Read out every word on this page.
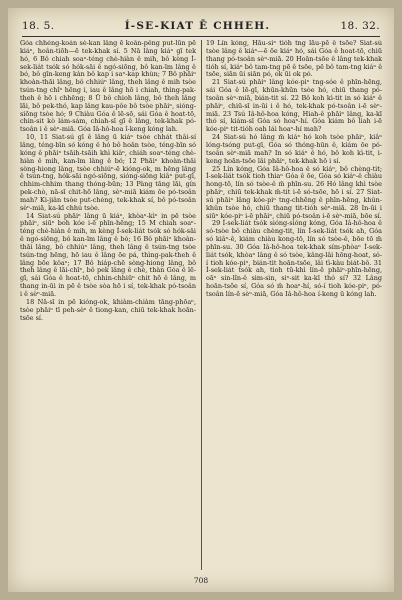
18. 5.	Í-SE-KIAT Ē CHHEH.	18. 32.

Góa chhéng-koán sè-kan lâng ē koân-pêng put-lūn pē kiáⁿ, hoân-tiōh—ē tek-khak sí. 5 Nā lâng kiáⁿ gī tek hó, 6 Bô chiah soaⁿ-téng chè-hiàn ê mih, bô kèng Í-sek-liát tsók só hók-sāi ê ngó-siōng, bô kan-īm lâng ê bó, bô gīn-keng kàn bô kap i saⁿ-kap khùn; 7 Bô phāiⁿ khoàn-thāi lâng, bô chhiúⁿ lâng, theh lâng ê mih tsòe tsún-tng chîⁿ hēng i, iau ê lâng hō i chiah, thìng-pak-theh ê hō i chhēng; 8 Ū bô chioh lâng, bô theh lâng lāi, bô pek-thó, kap lâng kau-pôe bô tsòe phāiⁿ, sióng-siōng tsòe hó; 9 Chiàu Góa ê lē-sō, sái Góa ê hoat-tō, chin-sit kò lám-sám, chiah-sī gī ê lâng, tek-khak pó-tsoân i ê sèⁿ-miā. Góa Iâ-hô-hoa î-keng kóng lah.

10, 11 Siat-sú gī ê lâng ū kiáⁿ tsòe chhát thâi-sí lâng, téng-bīn só kóng ê hó bô hoān tsòe, téng-bīn só kóng ê phāiⁿ tsāih-tsāih khì kiâⁿ, chiáh soaⁿ-téng chè-hiàn ê mih, kan-īm lâng ê bó; 12 Phāiⁿ khoàn-thāi sòng-hiong lâng, tsòe chhiúⁿ-ē kióng-ok, m hēng lâng ê tsún-tng, hók-sāi ngó-siōng, sióng-siōng kiâⁿ put-gī, chhim-chhim thang thóng-būn; 13 Pàng tāng lāi, gín pek-chò, nā-sī chit-hō lâng, sèⁿ-miā kiám ōe pó-tsoân mah? Ki-jiân tsòe put-chèng, tek-khak sí, bô pó-tsoân sèⁿ-miā, ka-kī chhú tsòe.

14 Siat-sú phāiⁿ lâng ū kiáⁿ, khòaⁿ-kìⁿ in pē tsòe phāiⁿ, siūⁿ boh kóe i-ē phīn-hēng; 15 M chiah soaⁿ-téng chè-hiàn ê mih, m kèng Í-sek-liát tsók só hók-sāi ê ngó-siōng, bô kan-īm lâng ê bó; 16 Bô phāiⁿ khoàn-thāi lâng, bô chhiúⁿ lâng, theh lâng ê tsún-tng tsòe tsún-tng hēng, hō iau ê lâng ōe pá, thìng-pak-theh ê lâng bōe kôaⁿ; 17 Bô hiáp-chē sòng-hiong lâng, bô theh lâng ê lāi-chīⁿ, bô pek lâng ê chè, thàn Góa ê lē-gī, sái Góa ê hoat-tō, chhin-chhiūⁿ chit hō ê lâng, m thang in-ūi in pē ê tsòe sòa hō i sí, tek-khak pó-tsoân i ê sèⁿ-miā.

18 Nā-sī in pē kióng-ok, khiàm-chiàm tāng-phōaⁿ, tsòe phāiⁿ tī peh-sèⁿ ê tiong-kan, chiū tek-khak hoān-tsōe sí.

19 Lín kóng, Hāu-siⁿ tióh tng lāu-pē ê tsōe? Siat-sú tsòe lâng ê kiáⁿ—ē ōe kiáⁿ hó, sái Góa ê hoat-tō, chiū thang pó-tsoân sèⁿ-miā. 20 Hoān-tsōe ê lâng tek-khak tióh sí, kiáⁿ bô tam-tng pē ê tsōe, pē bô tam-tng kiáⁿ ê tsōe, siān ūi siān pó, ok ūi ok pó.

21 Siat-sú phāiⁿ lâng kóe-piⁿ tng-sóe ê phīn-hēng, sái Góa ê lē-gī, khūn-khūn tsòe hó, chiū thang pó-tsoân sèⁿ-miā, bián-tit sí. 22 Bô koh kì-tit in só kiáⁿ ê phāiⁿ, chiū-sī in-ūi i ê hó, tek-khak pó-tsoân i-ē sèⁿ-miā. 23 Tsú Iâ-hô-hoa kóng, Hiah-ê phāiⁿ lâng, ka-kī thó sí, kiám-sī Góa só hoaⁿ-hí. Góa kiám bô liah i-ē kóe-piⁿ tit-tióh oah lái hoaⁿ-hí mah?

24 Siat-sú hó lâng m̄ kiáⁿ hó koh tsòe phāiⁿ, kiâⁿ lóng-tsóng put-gī, Góa só thóng-hūn ê, kiám ōe pó-tsoân sèⁿ-miā mah? In só kiáⁿ ê hó, bô koh kì-tit, i-keng hoān-tsōe lâi phāiⁿ, tek-khak hō i sí.

25 Lín kóng, Góa Iâ-hô-hoa ê só kiáⁿ, bô chèng-tit; Í-sek-liát tsók tioh thiaⁿ Góa ê ōe, Góa só kiáⁿ-ê chiàu hong-tō, lín só tsòe-ê m̄ phīn-su. 26 Hó lâng khì tsòe phāiⁿ, chiū tek-khak m̄-tit i-ē só-tsōe, hō i sí. 27 Siat-sú phāiⁿ lâng kóe-piⁿ tng-chhēng ê phīn-hēng, khûn-khûn tsòe hó, chiū thang tit-tióh sèⁿ-miā. 28 In-ūi i siūⁿ kóe-piⁿ i-ē phāiⁿ, chiū pó-tsoân i-ē sèⁿ-miā, bōe sí.

29 Í-sek-liát tsók sióng-sióng kóng, Góa Iâ-hô-hoa ê só-tsòe bô chiàu chèng-tit, lín Í-sek-liát tsók ah, Góa só kiâⁿ-ê, kiám chiàu kong-tō, lín só tsòe-ê, bōe tō m̄ phīn-su. 30 Góa Iâ-hô-hoa tek-khak sím-phòaⁿ Í-sek-liát tsók, khòaⁿ lâng ê só tsòe, kâng-lâi hōng-hoat, só-í tioh kóe-piⁿ, bián-tit hoān-tsōe, lâi tì-kàu biát-bô. 31 Í-sek-liát tsók ah, tioh tū-khì lín-ē phāiⁿ-phīn-hēng, oāⁿ sin-lîn-ê sim-sìn, siⁿ-sit ka-kī thó sí? 32 Lâng hoān-tsōe sí, Góa só m̄ hoaⁿ-hí, só-í tioh kóe-piⁿ, pó-tsoân lín-ē sèⁿ-miā, Góa Iâ-hô-hoa í-keng ū kóng lah.

708
